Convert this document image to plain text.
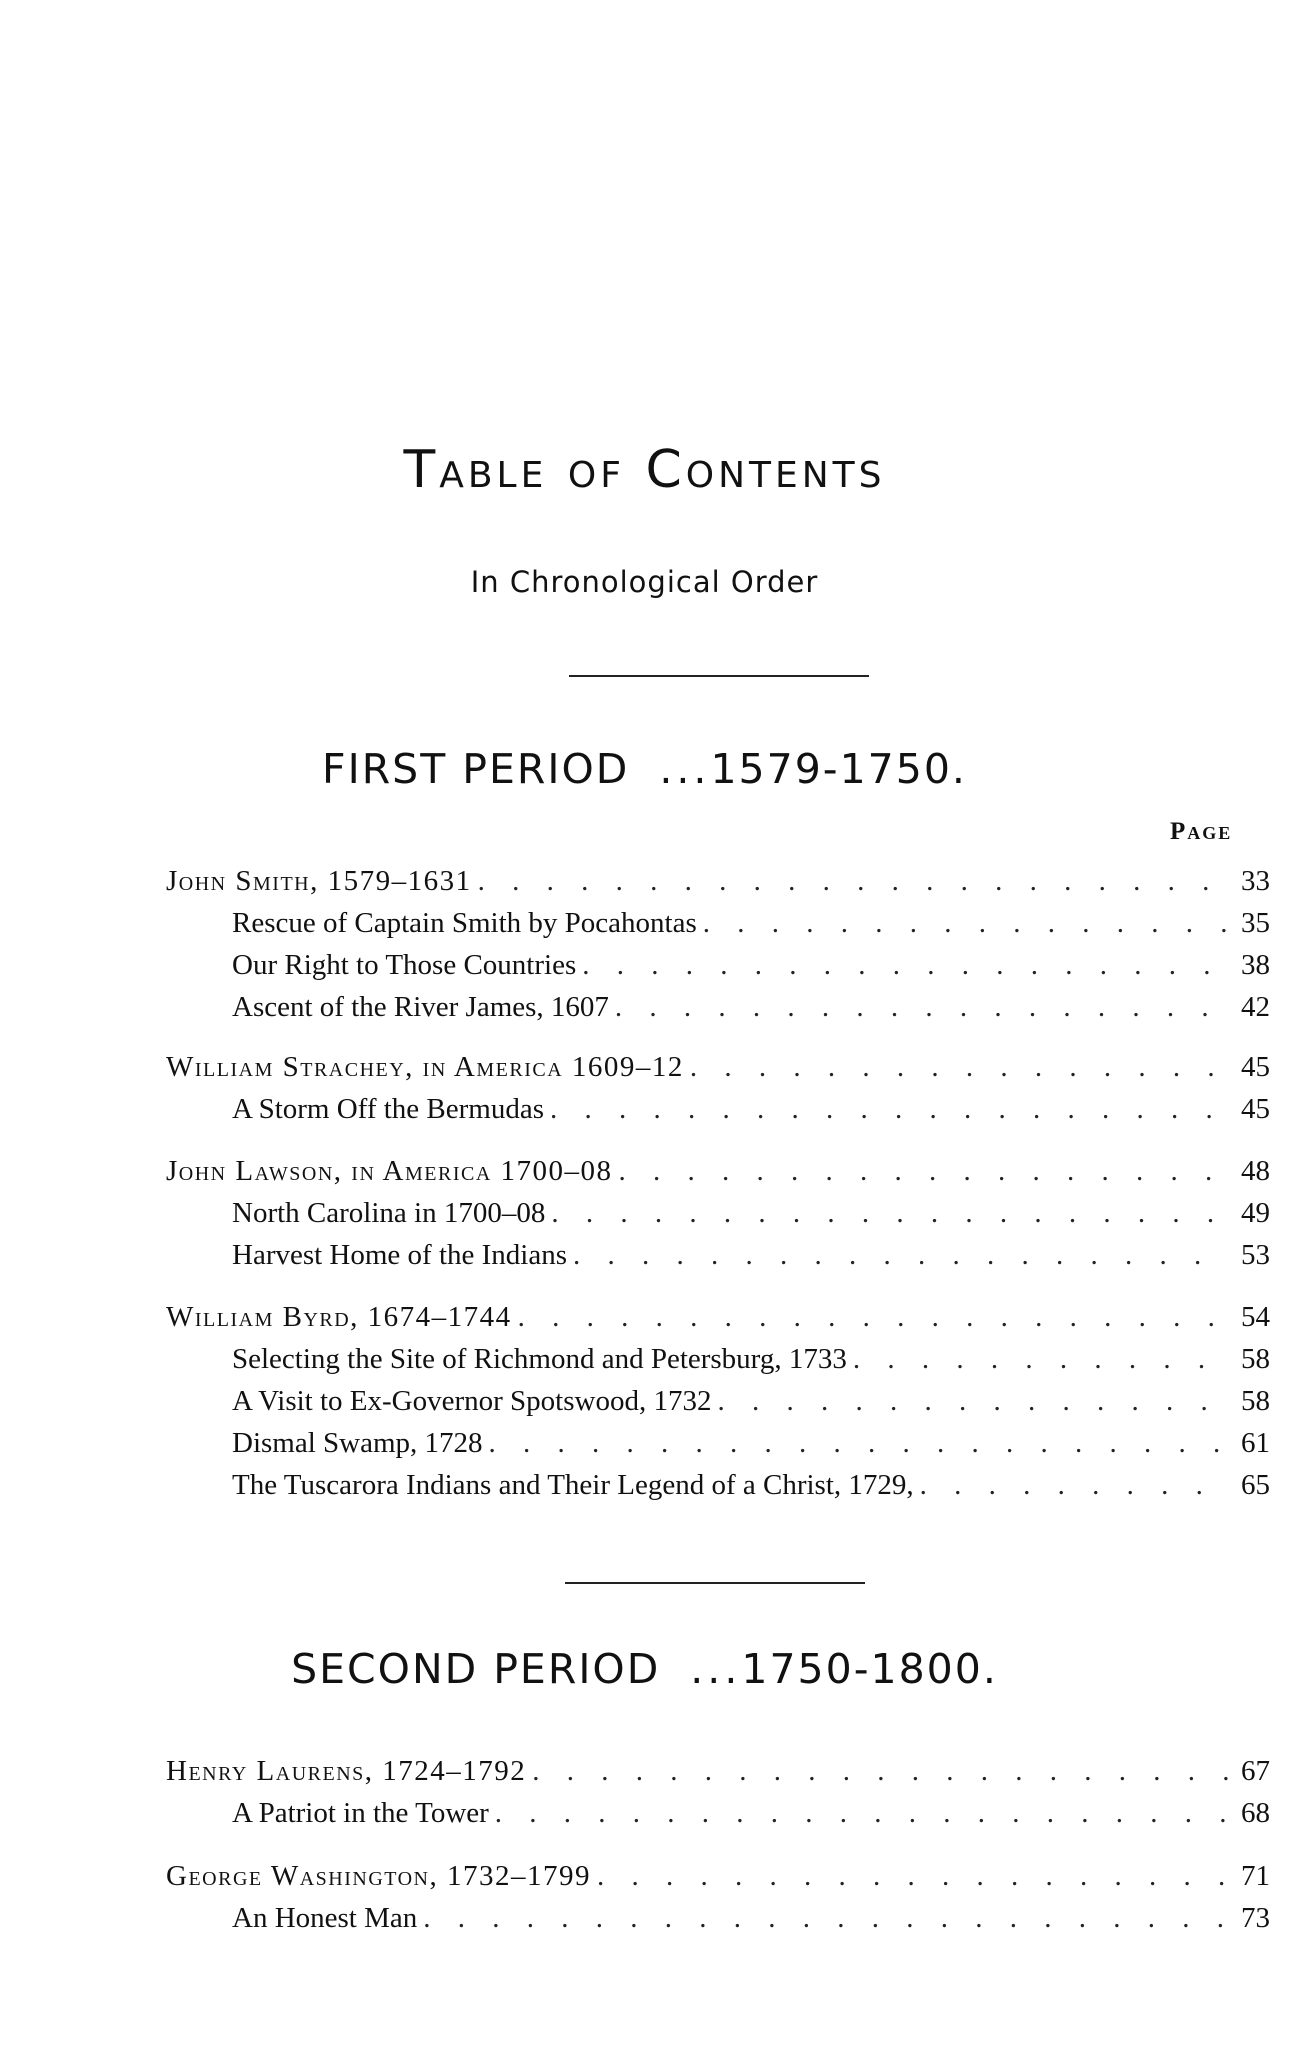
Table of Contents
In Chronological Order
FIRST PERIOD ...1579-1750.
Page
John Smith, 1579–1631 . . .	33
Rescue of Captain Smith by Pocahontas . . .	35
Our Right to Those Countries . . .	38
Ascent of the River James, 1607 . . .	42
William Strachey, in America 1609–12 . . .	45
A Storm Off the Bermudas . . .	45
John Lawson, in America 1700–08 . . .	48
North Carolina in 1700–08 . . .	49
Harvest Home of the Indians . . .	53
William Byrd, 1674–1744 . . .	54
Selecting the Site of Richmond and Petersburg, 1733 . . .	58
A Visit to Ex-Governor Spotswood, 1732 . . .	58
Dismal Swamp, 1728 . . .	61
The Tuscarora Indians and Their Legend of a Christ, 1729, . . .	65
SECOND PERIOD ...1750-1800.
Henry Laurens, 1724–1792 . . .	67
A Patriot in the Tower . . .	68
George Washington, 1732–1799 . . .	71
An Honest Man . . .	73
